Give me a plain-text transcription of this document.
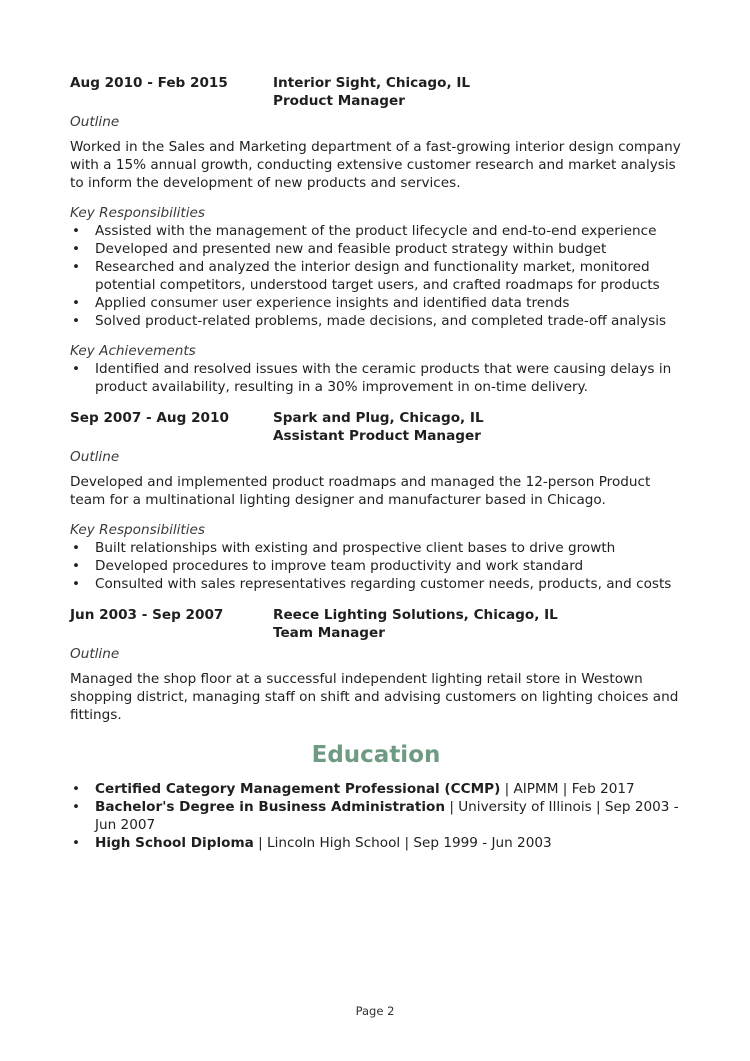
Aug 2010 - Feb 2015	Interior Sight, Chicago, IL
Product Manager
Outline
Worked in the Sales and Marketing department of a fast-growing interior design company with a 15% annual growth, conducting extensive customer research and market analysis to inform the development of new products and services.
Key Responsibilities
• Assisted with the management of the product lifecycle and end-to-end experience
• Developed and presented new and feasible product strategy within budget
• Researched and analyzed the interior design and functionality market, monitored potential competitors, understood target users, and crafted roadmaps for products
• Applied consumer user experience insights and identified data trends
• Solved product-related problems, made decisions, and completed trade-off analysis
Key Achievements
• Identified and resolved issues with the ceramic products that were causing delays in product availability, resulting in a 30% improvement in on-time delivery.
Sep 2007 - Aug 2010	Spark and Plug, Chicago, IL
Assistant Product Manager
Outline
Developed and implemented product roadmaps and managed the 12-person Product team for a multinational lighting designer and manufacturer based in Chicago.
Key Responsibilities
• Built relationships with existing and prospective client bases to drive growth
• Developed procedures to improve team productivity and work standard
• Consulted with sales representatives regarding customer needs, products, and costs
Jun 2003 - Sep 2007	Reece Lighting Solutions, Chicago, IL
Team Manager
Outline
Managed the shop floor at a successful independent lighting retail store in Westown shopping district, managing staff on shift and advising customers on lighting choices and fittings.
Education
• Certified Category Management Professional (CCMP) | AIPMM | Feb 2017
• Bachelor's Degree in Business Administration | University of Illinois | Sep 2003 - Jun 2007
• High School Diploma | Lincoln High School | Sep 1999 - Jun 2003
Page 2
